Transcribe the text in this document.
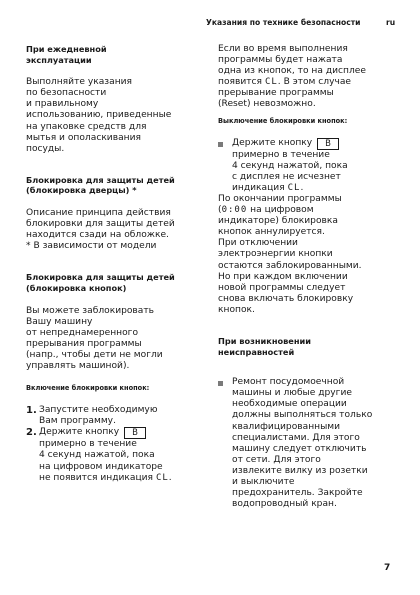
Указания по технике безопасности	ru

При ежедневной
эксплуатации

Выполняйте указания
по безопасности
и правильному
использованию, приведенные
на упаковке средств для
мытья и ополаскивания
посуды.

Блокировка для защиты детей
(блокировка дверцы) *

Описание принципа действия
блокировки для защиты детей
находится сзади на обложке.
* В зависимости от модели

Блокировка для защиты детей
(блокировка кнопок)

Вы можете заблокировать
Вашу машину
от непреднамеренного
прерывания программы
(напр., чтобы дети не могли
управлять машиной).

Включение блокировки кнопок:

1. Запустите необходимую
Вам программу.
2. Держите кнопку B
примерно в течение
4 секунд нажатой, пока
на цифровом индикаторе
не появится индикация CL.

Если во время выполнения
программы будет нажата
одна из кнопок, то на дисплее
появится CL. В этом случае
прерывание программы
(Reset) невозможно.

Выключение блокировки кнопок:

Держите кнопку B
примерно в течение
4 секунд нажатой, пока
с дисплея не исчезнет
индикация CL.

По окончании программы
(0:00 на цифровом
индикаторе) блокировка
кнопок аннулируется.
При отключении
электроэнергии кнопки
остаются заблокированными.
Но при каждом включении
новой программы следует
снова включать блокировку
кнопок.

При возникновении
неисправностей

Ремонт посудомоечной
машины и любые другие
необходимые операции
должны выполняться только
квалифицированными
специалистами. Для этого
машину следует отключить
от сети. Для этого
извлеките вилку из розетки
и выключите
предохранитель. Закройте
водопроводный кран.
7
